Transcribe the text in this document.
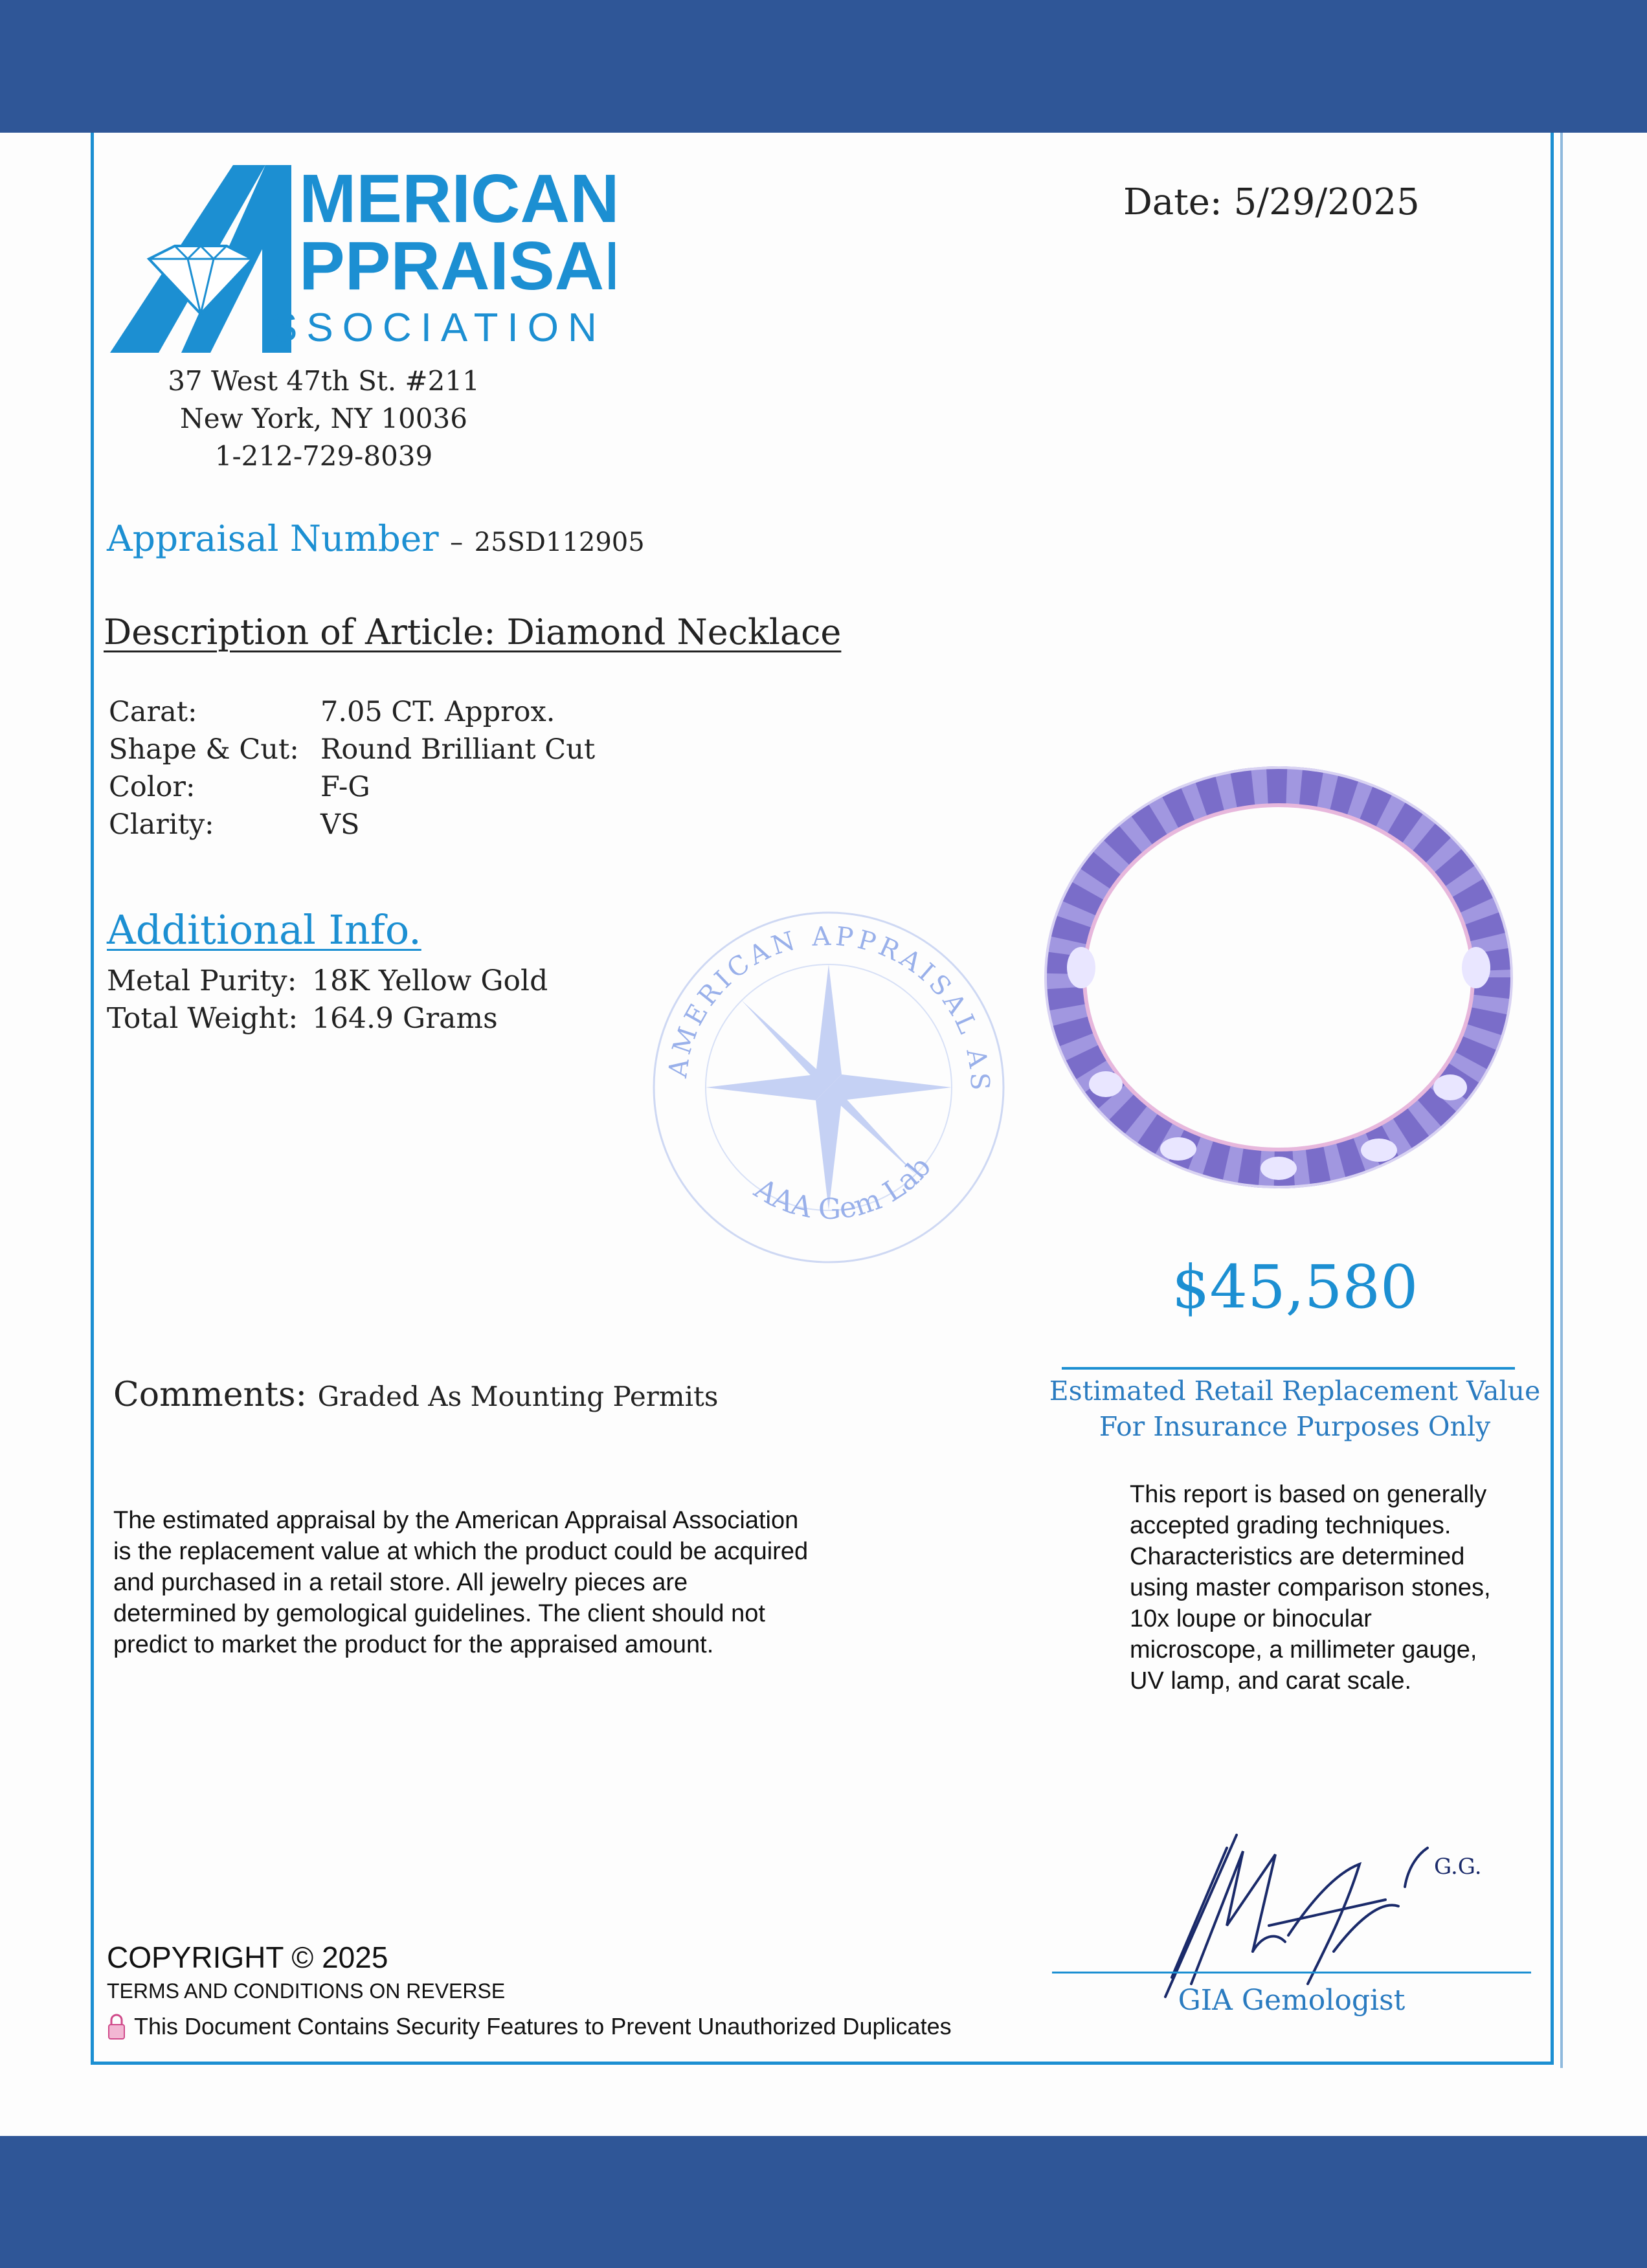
MERICAN
PPRAISAL
SSOCIATION
Date: 5/29/2025
37 West 47th St. #211
New York, NY 10036
1-212-729-8039
Appraisal Number – 25SD112905
Description of Article: Diamond Necklace
Carat:	7.05 CT. Approx.
Shape & Cut: Round Brilliant Cut
Color:	F-G
Clarity:	VS
Additional Info.
Metal Purity: 18K Yellow Gold
Total Weight: 164.9 Grams
AMERICAN APPRAISAL AS
AAA Gem Lab
$45,580
Estimated Retail Replacement Value
For Insurance Purposes Only
Comments: Graded As Mounting Permits
The estimated appraisal by the American Appraisal Association is the replacement value at which the product could be acquired and purchased in a retail store. All jewelry pieces are determined by gemological guidelines. The client should not predict to market the product for the appraised amount.
This report is based on generally accepted grading techniques. Characteristics are determined using master comparison stones, 10x loupe or binocular microscope, a millimeter gauge, UV lamp, and carat scale.
G.G.
GIA Gemologist
COPYRIGHT © 2025
TERMS AND CONDITIONS ON REVERSE
This Document Contains Security Features to Prevent Unauthorized Duplicates
